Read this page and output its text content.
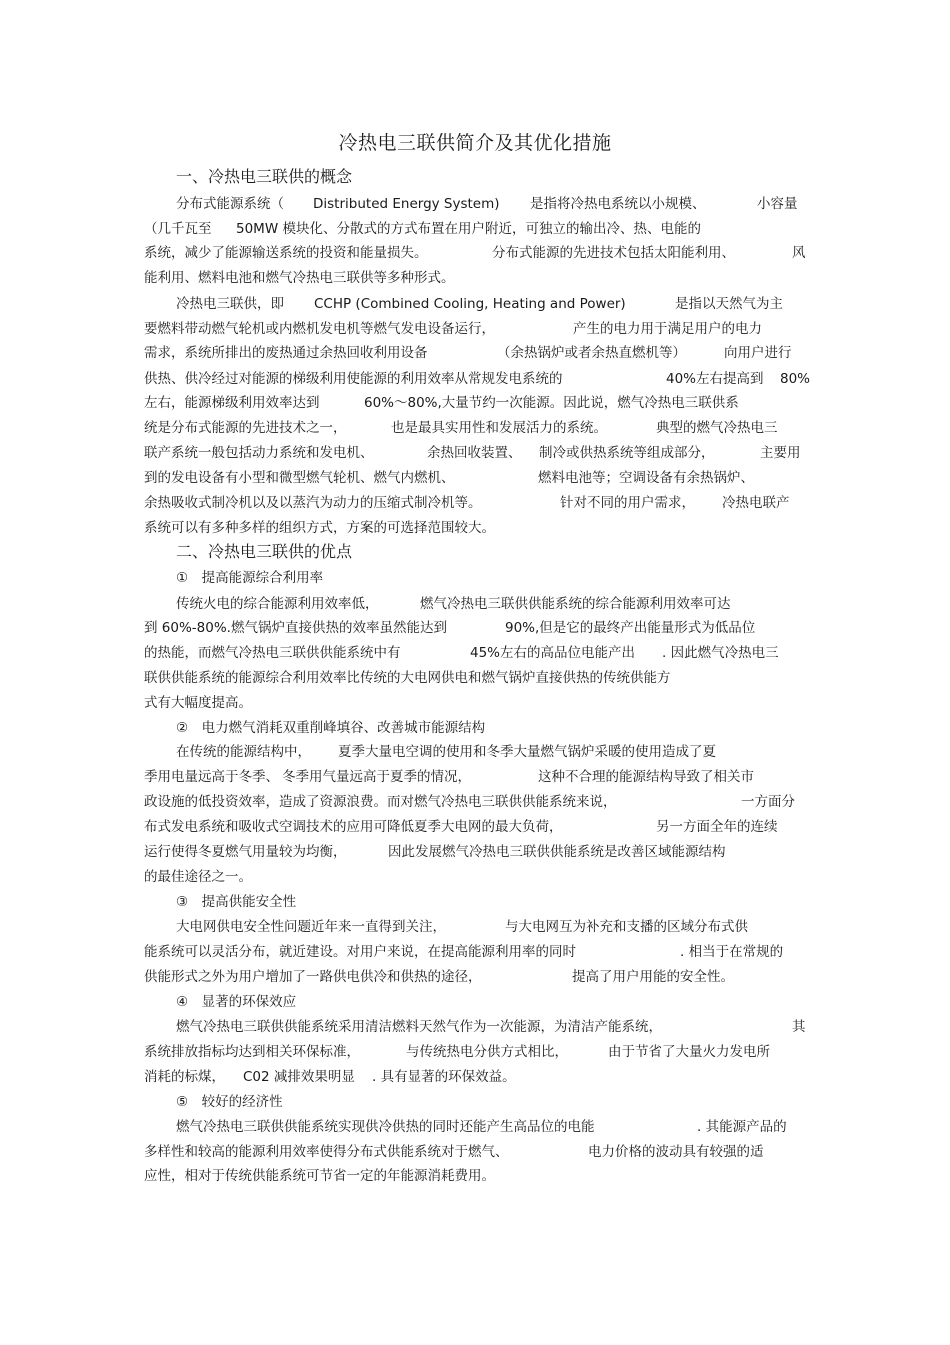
冷热电三联供简介及其优化措施
一、冷热电三联供的概念
分布式能源系统（ Distributed Energy System) 是指将冷热电系统以小规模、	小容量
（几千瓦至 50MW 模块化、分散式的方式布置在用户附近，可独立的输出冷、热、电能的
系统，减少了能源输送系统的投资和能量损失。	分布式能源的先进技术包括太阳能利用、	风
能利用、燃料电池和燃气冷热电三联供等多种形式。
冷热电三联供，即 CCHP (Combined Cooling, Heating and Power)	是指以天然气为主
要燃料带动燃气轮机或内燃机发电机等燃气发电设备运行，	产生的电力用于满足用户的电力
需求，系统所排出的废热通过余热回收利用设备	（余热锅炉或者余热直燃机等）	向用户进行
供热、供冷经过对能源的梯级利用使能源的利用效率从常规发电系统的	40%左右提高到 80%
左右，能源梯级利用效率达到	60%～80%,大量节约一次能源。因此说，燃气冷热电三联供系
统是分布式能源的先进技术之一，	也是最具实用性和发展活力的系统。	典型的燃气冷热电三
联产系统一般包括动力系统和发电机、	余热回收装置、 制冷或供热系统等组成部分，	主要用
到的发电设备有小型和微型燃气轮机、燃气内燃机、	燃料电池等；空调设备有余热锅炉、
余热吸收式制冷机以及以蒸汽为动力的压缩式制冷机等。	针对不同的用户需求， 冷热电联产
系统可以有多种多样的组织方式，方案的可选择范围较大。
二、冷热电三联供的优点
①　提高能源综合利用率
传统火电的综合能源利用效率低，	燃气冷热电三联供供能系统的综合能源利用效率可达
到 60%-80%.燃气锅炉直接供热的效率虽然能达到	90%,但是它的最终产出能量形式为低品位
的热能，而燃气冷热电三联供供能系统中有	45%左右的高品位电能产出 . 因此燃气冷热电三
联供供能系统的能源综合利用效率比传统的大电网供电和燃气锅炉直接供热的传统供能方
式有大幅度提高。
②　电力燃气消耗双重削峰填谷、改善城市能源结构
在传统的能源结构中， 夏季大量电空调的使用和冬季大量燃气锅炉采暖的使用造成了夏
季用电量远高于冬季、 冬季用气量远高于夏季的情况，	这种不合理的能源结构导致了相关市
政设施的低投资效率，造成了资源浪费。而对燃气冷热电三联供供能系统来说，	一方面分
布式发电系统和吸收式空调技术的应用可降低夏季大电网的最大负荷，	另一方面全年的连续
运行使得冬夏燃气用量较为均衡，	因此发展燃气冷热电三联供供能系统是改善区域能源结构
的最佳途径之一。
③　提高供能安全性
大电网供电安全性问题近年来一直得到关注，	与大电网互为补充和支播的区域分布式供
能系统可以灵活分布，就近建设。对用户来说，在提高能源利用率的同时	. 相当于在常规的
供能形式之外为用户增加了一路供电供冷和供热的途径，	提高了用户用能的安全性。
④　显著的环保效应
燃气冷热电三联供供能系统采用清洁燃料天然气作为一次能源，为清洁产能系统，	其
系统排放指标均达到相关环保标准，	与传统热电分供方式相比，	由于节省了大量火力发电所
消耗的标煤， C02 减排效果明显 . 具有显著的环保效益。
⑤　较好的经济性
燃气冷热电三联供供能系统实现供冷供热的同时还能产生高品位的电能	. 其能源产品的
多样性和较高的能源利用效率使得分布式供能系统对于燃气、	电力价格的波动具有较强的适
应性，相对于传统供能系统可节省一定的年能源消耗费用。
